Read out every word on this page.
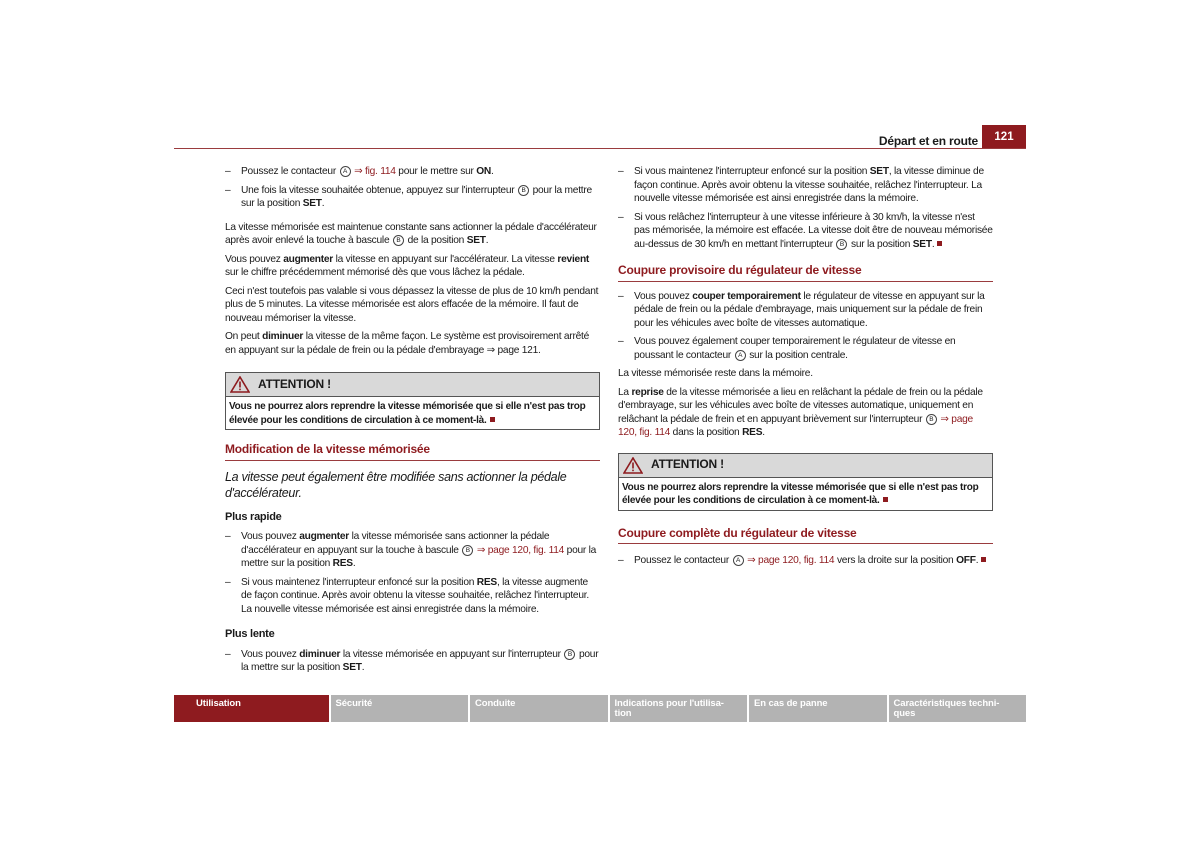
Départ et en route	121
– Poussez le contacteur A ⇒ fig. 114 pour le mettre sur ON.
– Une fois la vitesse souhaitée obtenue, appuyez sur l'interrupteur B pour la mettre sur la position SET.

La vitesse mémorisée est maintenue constante sans actionner la pédale d'accélérateur après avoir enlevé la touche à bascule B de la position SET.

Vous pouvez augmenter la vitesse en appuyant sur l'accélérateur. La vitesse revient sur le chiffre précédemment mémorisé dès que vous lâchez la pédale.

Ceci n'est toutefois pas valable si vous dépassez la vitesse de plus de 10 km/h pendant plus de 5 minutes. La vitesse mémorisée est alors effacée de la mémoire. Il faut de nouveau mémoriser la vitesse.

On peut diminuer la vitesse de la même façon. Le système est provisoirement arrêté en appuyant sur la pédale de frein ou la pédale d'embrayage ⇒ page 121.

ATTENTION !
Vous ne pourrez alors reprendre la vitesse mémorisée que si elle n'est pas trop élevée pour les conditions de circulation à ce moment-là.
Modification de la vitesse mémorisée
La vitesse peut également être modifiée sans actionner la pédale d'accélérateur.
Plus rapide
– Vous pouvez augmenter la vitesse mémorisée sans actionner la pédale d'accélérateur en appuyant sur la touche à bascule B ⇒ page 120, fig. 114 pour la mettre sur la position RES.
– Si vous maintenez l'interrupteur enfoncé sur la position RES, la vitesse augmente de façon continue. Après avoir obtenu la vitesse souhaitée, relâchez l'interrupteur. La nouvelle vitesse mémorisée est ainsi enregistrée dans la mémoire.
Plus lente
– Vous pouvez diminuer la vitesse mémorisée en appuyant sur l'interrupteur B pour la mettre sur la position SET.
– Si vous maintenez l'interrupteur enfoncé sur la position SET, la vitesse diminue de façon continue. Après avoir obtenu la vitesse souhaitée, relâchez l'interrupteur. La nouvelle vitesse mémorisée est ainsi enregistrée dans la mémoire.
– Si vous relâchez l'interrupteur à une vitesse inférieure à 30 km/h, la vitesse n'est pas mémorisée, la mémoire est effacée. La vitesse doit être de nouveau mémorisée au-dessus de 30 km/h en mettant l'interrupteur B sur la position SET.
Coupure provisoire du régulateur de vitesse
– Vous pouvez couper temporairement le régulateur de vitesse en appuyant sur la pédale de frein ou la pédale d'embrayage, mais uniquement sur la pédale de frein pour les véhicules avec boîte de vitesses automatique.
– Vous pouvez également couper temporairement le régulateur de vitesse en poussant le contacteur A sur la position centrale.

La vitesse mémorisée reste dans la mémoire.

La reprise de la vitesse mémorisée a lieu en relâchant la pédale de frein ou la pédale d'embrayage, sur les véhicules avec boîte de vitesses automatique, uniquement en relâchant la pédale de frein et en appuyant brièvement sur l'interrupteur B ⇒ page 120, fig. 114 dans la position RES.

ATTENTION !
Vous ne pourrez alors reprendre la vitesse mémorisée que si elle n'est pas trop élevée pour les conditions de circulation à ce moment-là.
Coupure complète du régulateur de vitesse
– Poussez le contacteur A ⇒ page 120, fig. 114 vers la droite sur la position OFF.
Utilisation	Sécurité	Conduite	Indications pour l'utilisa-
tion
En cas de panne	Caractéristiques techni-
ques
